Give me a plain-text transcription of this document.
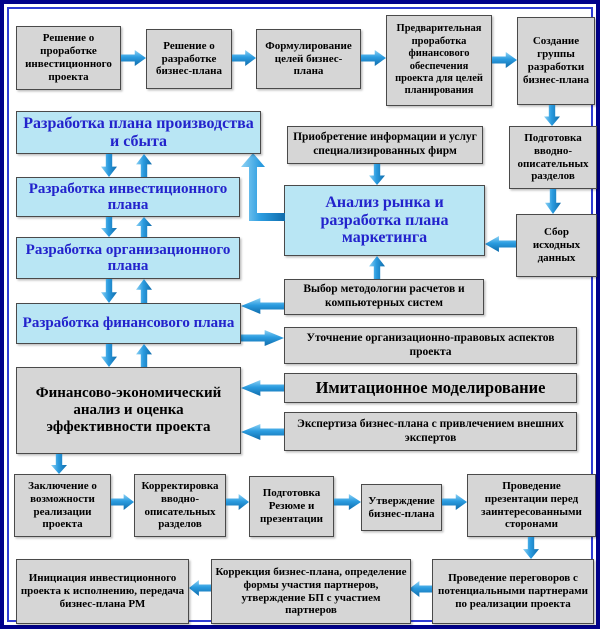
Решение о проработке инвестиционного проекта
Решение о разработке бизнес-плана
Формулирование целей бизнес-плана
Предварительная проработка финансового обеспечения проекта для целей планирования
Создание группы разработки бизнес-плана
Подготовка вводно-описательных разделов
Сбор исходных данных
Приобретение информации и услуг специализированных фирм
Анализ рынка и разработка плана маркетинга
Выбор методологии расчетов и компьютерных систем
Уточнение организационно-правовых аспектов проекта
Имитационное моделирование
Экспертиза бизнес-плана с привлечением внешних экспертов
Разработка плана производства и сбыта
Разработка инвестиционного плана
Разработка организационного плана
Разработка финансового плана
Финансово-экономический анализ и оценка эффективности проекта
Заключение о возможности реализации проекта
Корректировка вводно-описательных разделов
Подготовка Резюме и презентации
Утверждение бизнес-плана
Проведение презентации перед заинтересованными сторонами
Проведение переговоров с потенциальными партнерами по реализации проекта
Коррекция бизнес-плана, определение формы участия партнеров, утверждение БП с участием партнеров
Инициация инвестиционного проекта к исполнению, передача бизнес-плана РМ
